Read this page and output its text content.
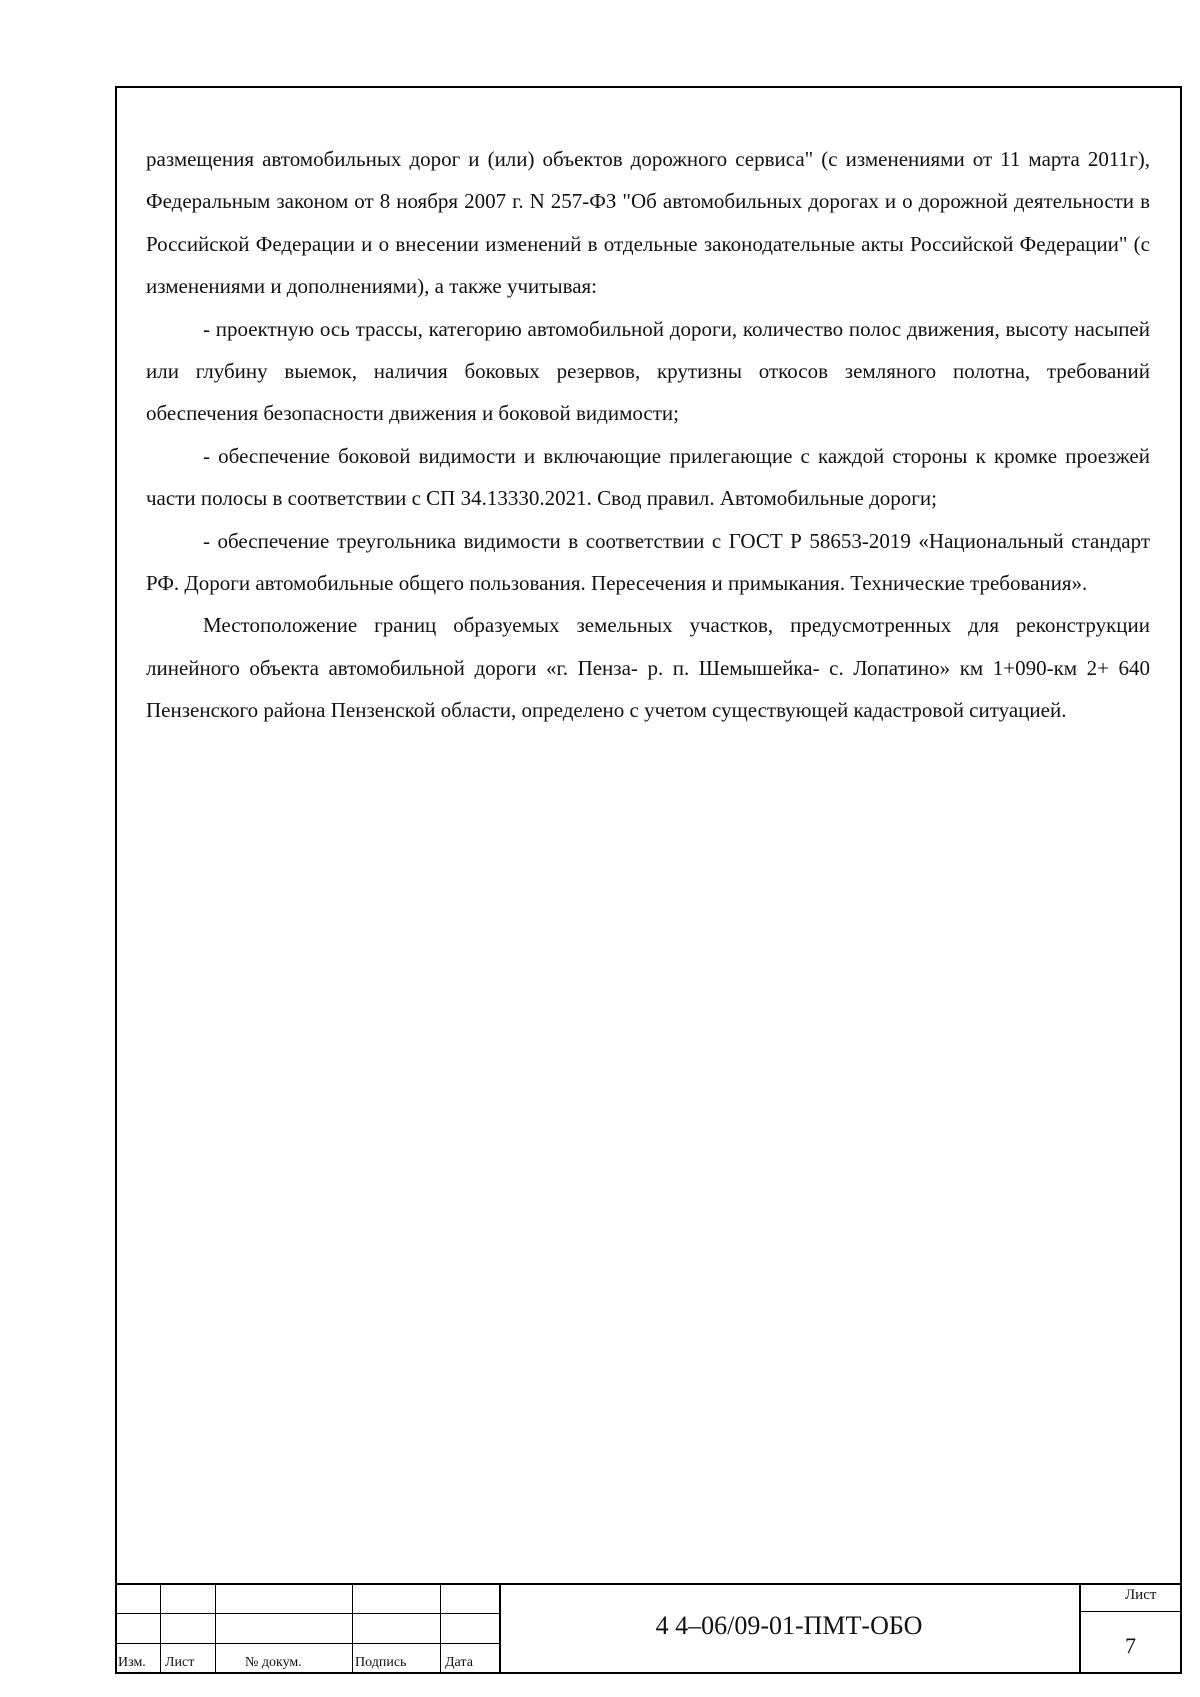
размещения автомобильных дорог и (или) объектов дорожного сервиса" (с изменениями от 11 марта 2011г), Федеральным законом от 8 ноября 2007 г. N 257-ФЗ "Об автомобильных дорогах и о дорожной деятельности в Российской Федерации и о внесении изменений в отдельные законодательные акты Российской Федерации" (с изменениями и дополнениями), а также учитывая:

- проектную ось трассы, категорию автомобильной дороги, количество полос движения, высоту насыпей или глубину выемок, наличия боковых резервов, крутизны откосов земляного полотна, требований обеспечения безопасности движения и боковой видимости;

- обеспечение боковой видимости и включающие прилегающие с каждой стороны к кромке проезжей части полосы в соответствии с СП 34.13330.2021. Свод правил. Автомобильные дороги;

- обеспечение треугольника видимости в соответствии с ГОСТ Р 58653-2019 «Национальный стандарт РФ. Дороги автомобильные общего пользования. Пересечения и примыкания. Технические требования».

Местоположение границ образуемых земельных участков, предусмотренных для реконструкции линейного объекта автомобильной дороги «г. Пенза- р. п. Шемышейка- с. Лопатино» км 1+090-км 2+ 640 Пензенского района Пензенской области, определено с учетом существующей кадастровой ситуацией.

Изм. Лист	№ докум.	Подпись	Дата
4 4–06/09-01-ПМТ-ОБО
Лист
7
